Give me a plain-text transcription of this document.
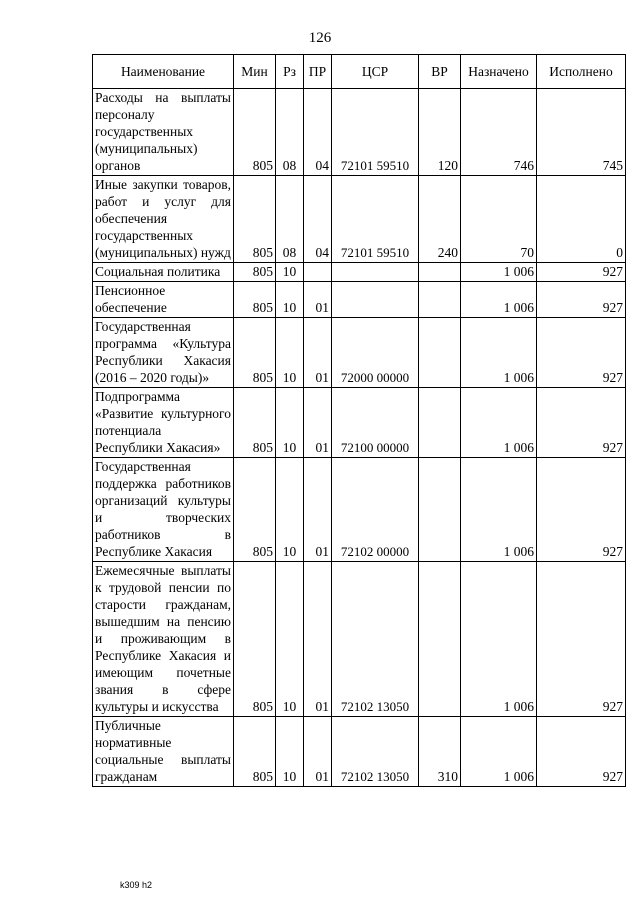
126
Наименование	Мин	Рз	ПР	ЦСР	ВР	Назначено	Исполнено
Расходы на выплаты персоналу государственных (муниципальных) органов	805	08	04	72101 59510	120	746	745
Иные закупки товаров, работ и услуг для обеспечения государственных (муниципальных) нужд	805	08	04	72101 59510	240	70	0
Социальная политика	805	10				1 006	927
Пенсионное обеспечение	805	10	01			1 006	927
Государственная программа «Культура Республики Хакасия (2016 – 2020 годы)»	805	10	01	72000 00000		1 006	927
Подпрограмма «Развитие культурного потенциала Республики Хакасия»	805	10	01	72100 00000		1 006	927
Государственная поддержка работников организаций культуры и творческих работников в Республике Хакасия	805	10	01	72102 00000		1 006	927
Ежемесячные выплаты к трудовой пенсии по старости гражданам, вышедшим на пенсию и проживающим в Республике Хакасия и имеющим почетные звания в сфере культуры и искусства	805	10	01	72102 13050		1 006	927
Публичные нормативные социальные выплаты гражданам	805	10	01	72102 13050	310	1 006	927
k309 h2
